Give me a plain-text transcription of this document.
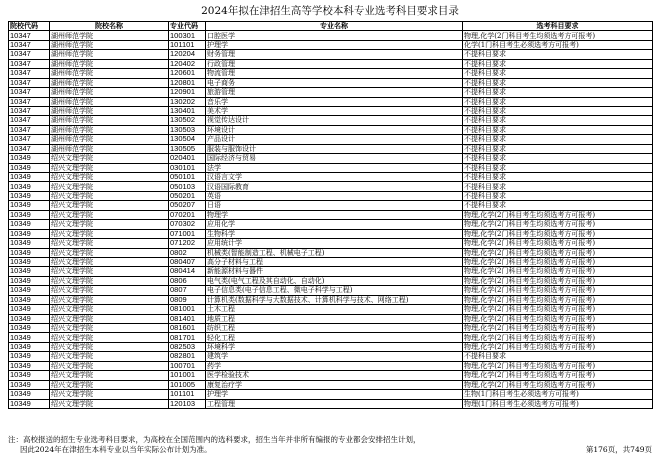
2024年拟在津招生高等学校本科专业选考科目要求目录
院校代码	院校名称	专业代码	专业名称	选考科目要求
10347	湖州师范学院	100301	口腔医学	物理,化学(2门科目考生均须选考方可报考)
10347	湖州师范学院	101101	护理学	化学(1门科目考生必须选考方可报考)
10347	湖州师范学院	120204	财务管理	不提科目要求
10347	湖州师范学院	120402	行政管理	不提科目要求
10347	湖州师范学院	120601	物流管理	不提科目要求
10347	湖州师范学院	120801	电子商务	不提科目要求
10347	湖州师范学院	120901	旅游管理	不提科目要求
10347	湖州师范学院	130202	音乐学	不提科目要求
10347	湖州师范学院	130401	美术学	不提科目要求
10347	湖州师范学院	130502	视觉传达设计	不提科目要求
10347	湖州师范学院	130503	环境设计	不提科目要求
10347	湖州师范学院	130504	产品设计	不提科目要求
10347	湖州师范学院	130505	服装与服饰设计	不提科目要求
10349	绍兴文理学院	020401	国际经济与贸易	不提科目要求
10349	绍兴文理学院	030101	法学	不提科目要求
10349	绍兴文理学院	050101	汉语言文学	不提科目要求
10349	绍兴文理学院	050103	汉语国际教育	不提科目要求
10349	绍兴文理学院	050201	英语	不提科目要求
10349	绍兴文理学院	050207	日语	不提科目要求
10349	绍兴文理学院	070201	物理学	物理,化学(2门科目考生均须选考方可报考)
10349	绍兴文理学院	070302	应用化学	物理,化学(2门科目考生均须选考方可报考)
10349	绍兴文理学院	071001	生物科学	物理,化学(2门科目考生均须选考方可报考)
10349	绍兴文理学院	071202	应用统计学	物理,化学(2门科目考生均须选考方可报考)
10349	绍兴文理学院	0802	机械类(智能制造工程、机械电子工程)	物理,化学(2门科目考生均须选考方可报考)
10349	绍兴文理学院	080407	高分子材料与工程	物理,化学(2门科目考生均须选考方可报考)
10349	绍兴文理学院	080414	新能源材料与器件	物理,化学(2门科目考生均须选考方可报考)
10349	绍兴文理学院	0806	电气类(电气工程及其自动化、自动化)	物理,化学(2门科目考生均须选考方可报考)
10349	绍兴文理学院	0807	电子信息类(电子信息工程、微电子科学与工程)	物理,化学(2门科目考生均须选考方可报考)
10349	绍兴文理学院	0809	计算机类(数据科学与大数据技术、计算机科学与技术、网络工程)	物理,化学(2门科目考生均须选考方可报考)
10349	绍兴文理学院	081001	土木工程	物理,化学(2门科目考生均须选考方可报考)
10349	绍兴文理学院	081401	地质工程	物理,化学(2门科目考生均须选考方可报考)
10349	绍兴文理学院	081601	纺织工程	物理,化学(2门科目考生均须选考方可报考)
10349	绍兴文理学院	081701	轻化工程	物理,化学(2门科目考生均须选考方可报考)
10349	绍兴文理学院	082503	环境科学	物理,化学(2门科目考生均须选考方可报考)
10349	绍兴文理学院	082801	建筑学	不提科目要求
10349	绍兴文理学院	100701	药学	物理,化学(2门科目考生均须选考方可报考)
10349	绍兴文理学院	101001	医学检验技术	物理,化学(2门科目考生均须选考方可报考)
10349	绍兴文理学院	101005	康复治疗学	物理,化学(2门科目考生均须选考方可报考)
10349	绍兴文理学院	101101	护理学	生物(1门科目考生必须选考方可报考)
10349	绍兴文理学院	120103	工程管理	物理(1门科目考生必须选考方可报考)
注：高校报送的招生专业选考科目要求，为高校在全国范围内的选科要求，招生当年并非所有编报的专业都会安排招生计划，
因此2024年在津招生本科专业以当年实际公布计划为准。	第176页，共749页
